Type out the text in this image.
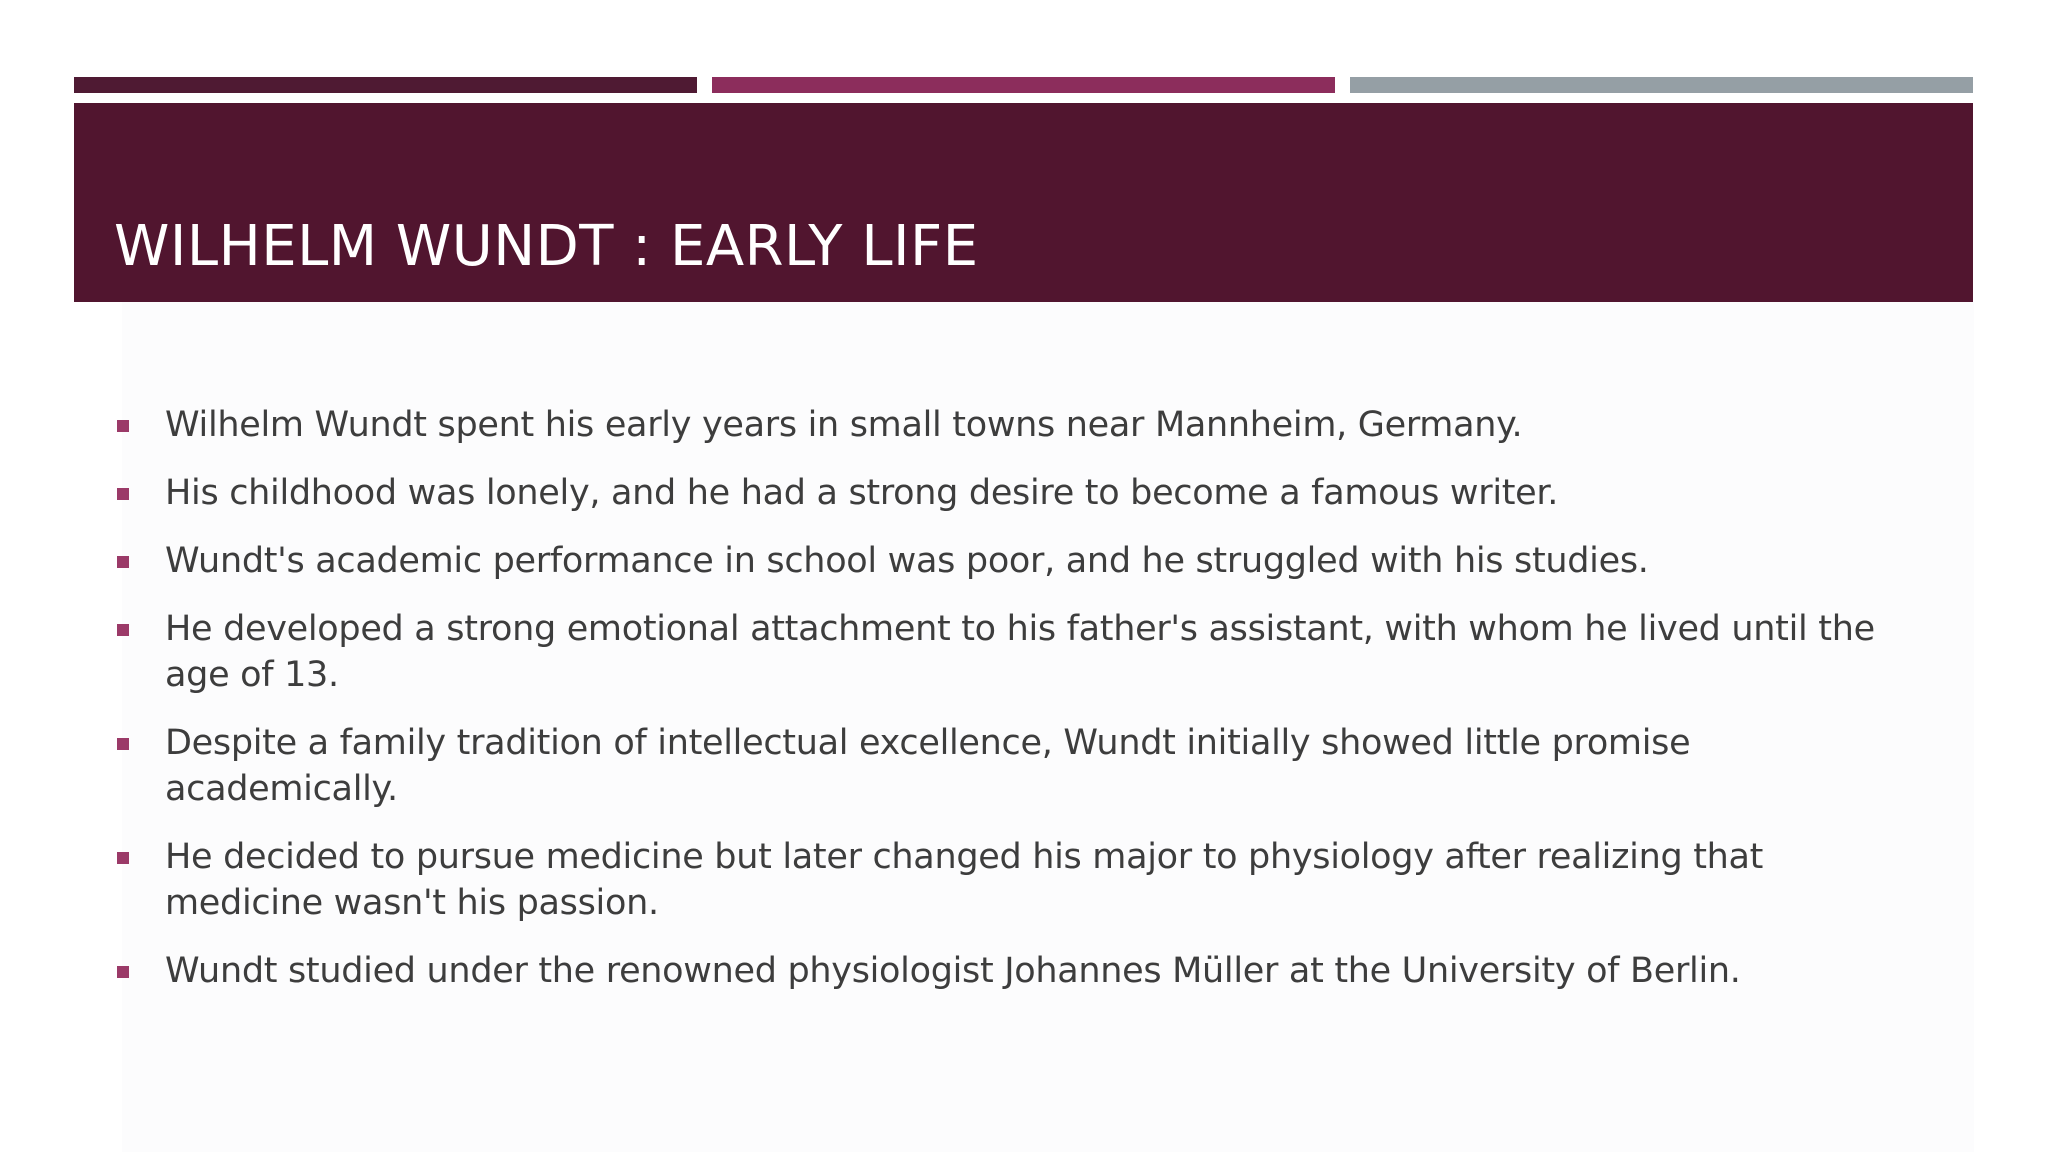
WILHELM WUNDT : EARLY LIFE
Wilhelm Wundt spent his early years in small towns near Mannheim, Germany.
His childhood was lonely, and he had a strong desire to become a famous writer.
Wundt's academic performance in school was poor, and he struggled with his studies.
He developed a strong emotional attachment to his father's assistant, with whom he lived until the age of 13.
Despite a family tradition of intellectual excellence, Wundt initially showed little promise academically.
He decided to pursue medicine but later changed his major to physiology after realizing that medicine wasn't his passion.
Wundt studied under the renowned physiologist Johannes Müller at the University of Berlin.
